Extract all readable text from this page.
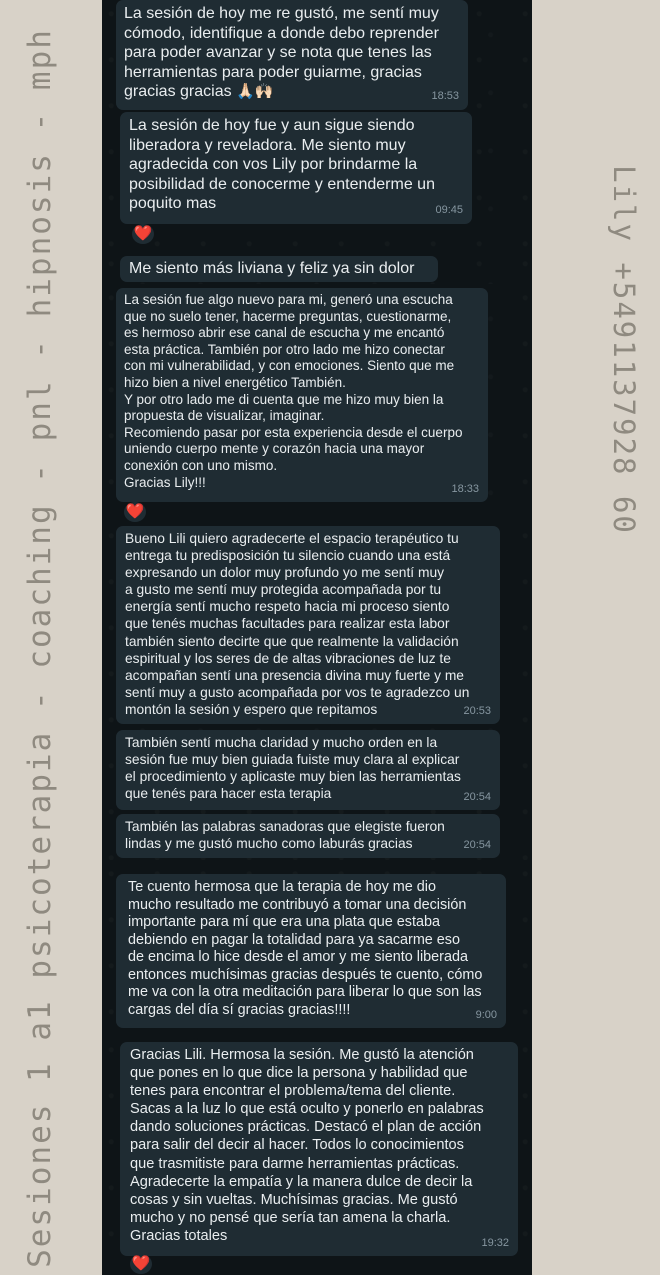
Sesiones 1 a1 psicoterapia - coaching - pnl - hipnosis - mph	Lily +5491137928 60
La sesión de hoy me re gustó, me sentí muy
cómodo, identifique a donde debo reprender
para poder avanzar y se nota que tenes las
herramientas para poder guiarme, gracias
gracias gracias 🙏🏻🙌🏻	18:53
La sesión de hoy fue y aun sigue siendo
liberadora y reveladora. Me siento muy
agradecida con vos Lily por brindarme la
posibilidad de conocerme y entenderme un
poquito mas	09:45
❤️
Me siento más liviana y feliz ya sin dolor
La sesión fue algo nuevo para mi, generó una escucha
que no suelo tener, hacerme preguntas, cuestionarme,
es hermoso abrir ese canal de escucha y me encantó
esta práctica. También por otro lado me hizo conectar
con mi vulnerabilidad, y con emociones. Siento que me
hizo bien a nivel energético También.
Y por otro lado me di cuenta que me hizo muy bien la
propuesta de visualizar, imaginar.
Recomiendo pasar por esta experiencia desde el cuerpo
uniendo cuerpo mente y corazón hacia una mayor
conexión con uno mismo.
Gracias Lily!!!	18:33
❤️
Bueno Lili quiero agradecerte el espacio terapéutico tu
entrega tu predisposición tu silencio cuando una está
expresando un dolor muy profundo yo me sentí muy
a gusto me sentí muy protegida acompañada por tu
energía sentí mucho respeto hacia mi proceso siento
que tenés muchas facultades para realizar esta labor
también siento decirte que que realmente la validación
espiritual y los seres de de altas vibraciones de luz te
acompañan sentí una presencia divina muy fuerte y me
sentí muy a gusto acompañada por vos te agradezco un
montón la sesión y espero que repitamos	20:53
También sentí mucha claridad y mucho orden en la
sesión fue muy bien guiada fuiste muy clara al explicar
el procedimiento y aplicaste muy bien las herramientas
que tenés para hacer esta terapia	20:54
También las palabras sanadoras que elegiste fueron
lindas y me gustó mucho como laburás gracias	20:54
Te cuento hermosa que la terapia de hoy me dio
mucho resultado me contribuyó a tomar una decisión
importante para mí que era una plata que estaba
debiendo en pagar la totalidad para ya sacarme eso
de encima lo hice desde el amor y me siento liberada
entonces muchísimas gracias después te cuento, cómo
me va con la otra meditación para liberar lo que son las
cargas del día sí gracias gracias!!!!	9:00
Gracias Lili. Hermosa la sesión. Me gustó la atención
que pones en lo que dice la persona y habilidad que
tenes para encontrar el problema/tema del cliente.
Sacas a la luz lo que está oculto y ponerlo en palabras
dando soluciones prácticas. Destacó el plan de acción
para salir del decir al hacer. Todos lo conocimientos
que trasmitiste para darme herramientas prácticas.
Agradecerte la empatía y la manera dulce de decir la
cosas y sin vueltas. Muchísimas gracias. Me gustó
mucho y no pensé que sería tan amena la charla.
Gracias totales	19:32
❤️
